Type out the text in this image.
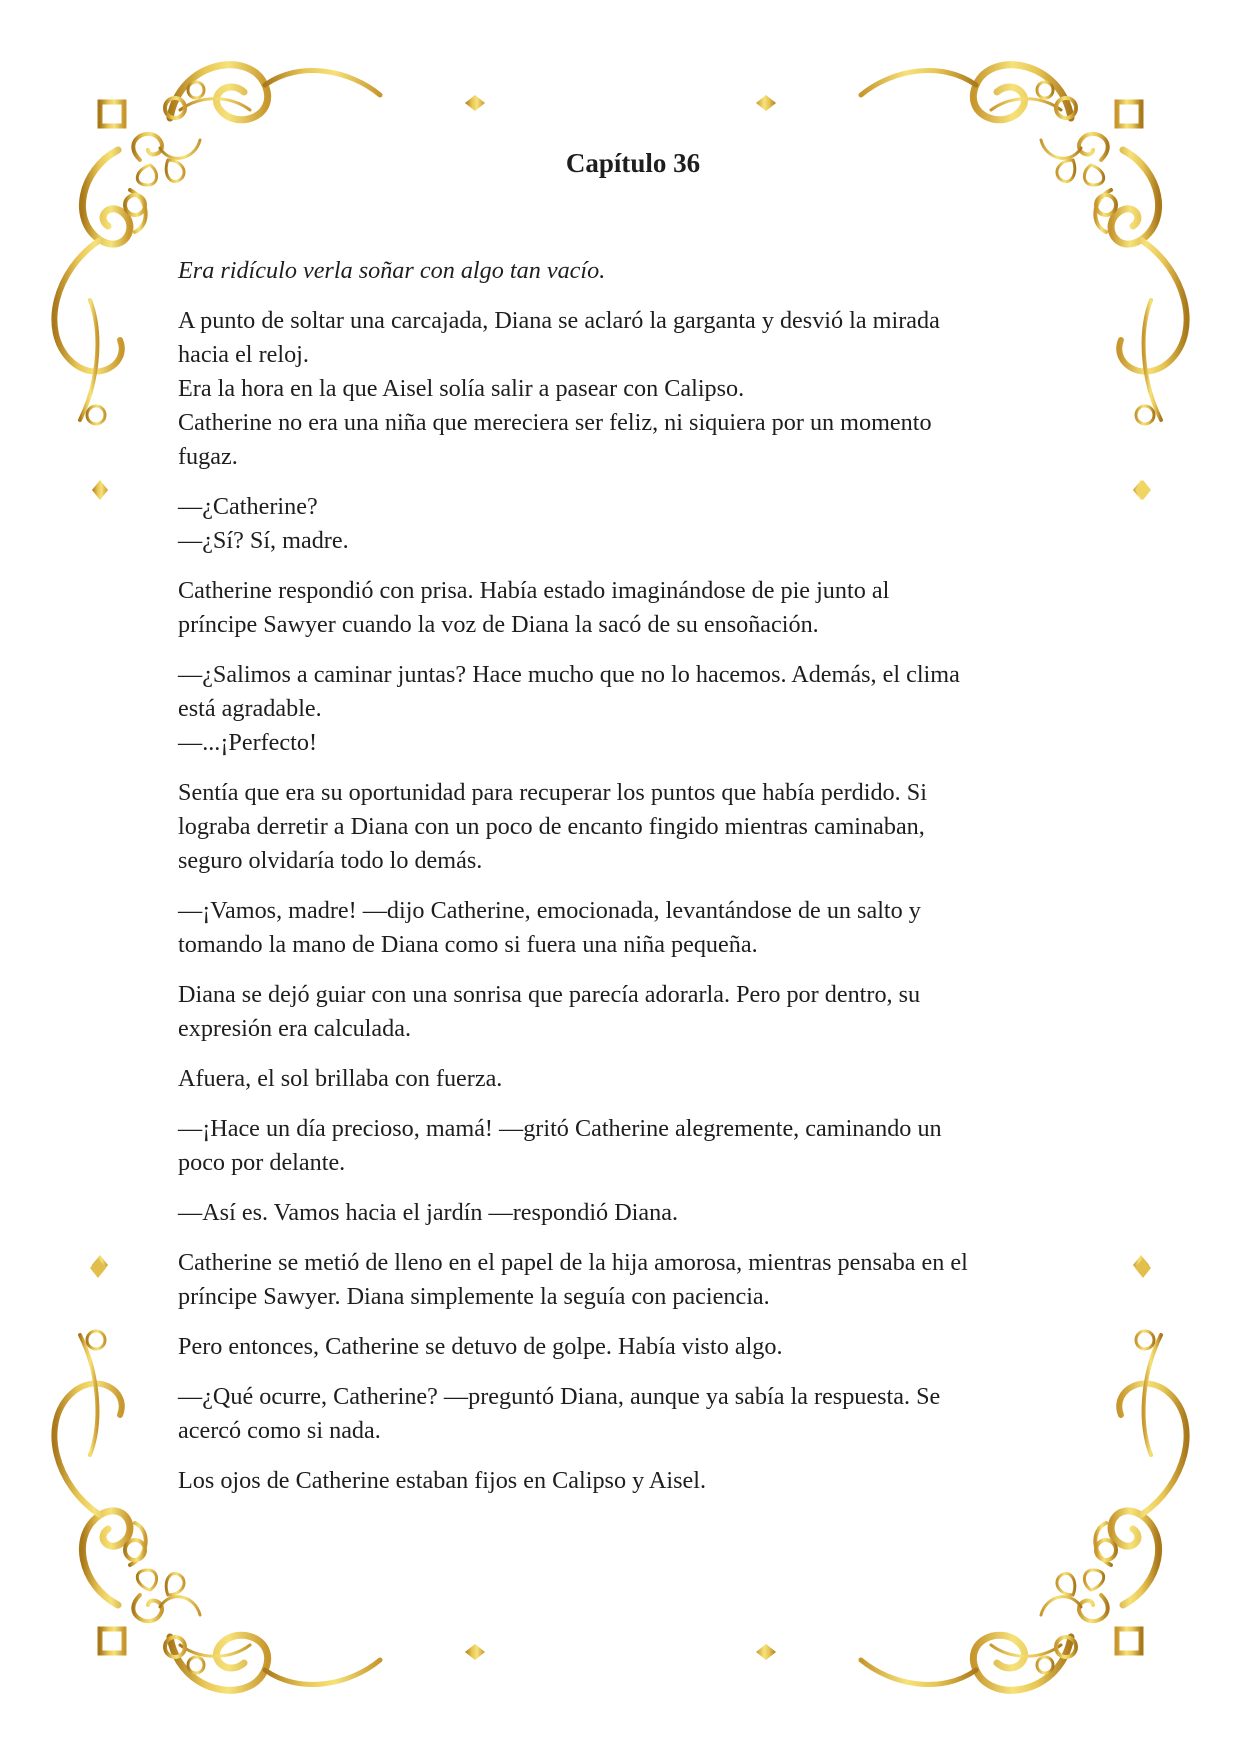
Capítulo 36
Era ridículo verla soñar con algo tan vacío.
A punto de soltar una carcajada, Diana se aclaró la garganta y desvió la mirada
hacia el reloj.
Era la hora en la que Aisel solía salir a pasear con Calipso.
Catherine no era una niña que mereciera ser feliz, ni siquiera por un momento
fugaz.
—¿Catherine?
—¿Sí? Sí, madre.
Catherine respondió con prisa. Había estado imaginándose de pie junto al
príncipe Sawyer cuando la voz de Diana la sacó de su ensoñación.
—¿Salimos a caminar juntas? Hace mucho que no lo hacemos. Además, el clima
está agradable.
—...¡Perfecto!
Sentía que era su oportunidad para recuperar los puntos que había perdido. Si
lograba derretir a Diana con un poco de encanto fingido mientras caminaban,
seguro olvidaría todo lo demás.
—¡Vamos, madre! —dijo Catherine, emocionada, levantándose de un salto y
tomando la mano de Diana como si fuera una niña pequeña.
Diana se dejó guiar con una sonrisa que parecía adorarla. Pero por dentro, su
expresión era calculada.
Afuera, el sol brillaba con fuerza.
—¡Hace un día precioso, mamá! —gritó Catherine alegremente, caminando un
poco por delante.
—Así es. Vamos hacia el jardín —respondió Diana.
Catherine se metió de lleno en el papel de la hija amorosa, mientras pensaba en el
príncipe Sawyer. Diana simplemente la seguía con paciencia.
Pero entonces, Catherine se detuvo de golpe. Había visto algo.
—¿Qué ocurre, Catherine? —preguntó Diana, aunque ya sabía la respuesta. Se
acercó como si nada.
Los ojos de Catherine estaban fijos en Calipso y Aisel.
